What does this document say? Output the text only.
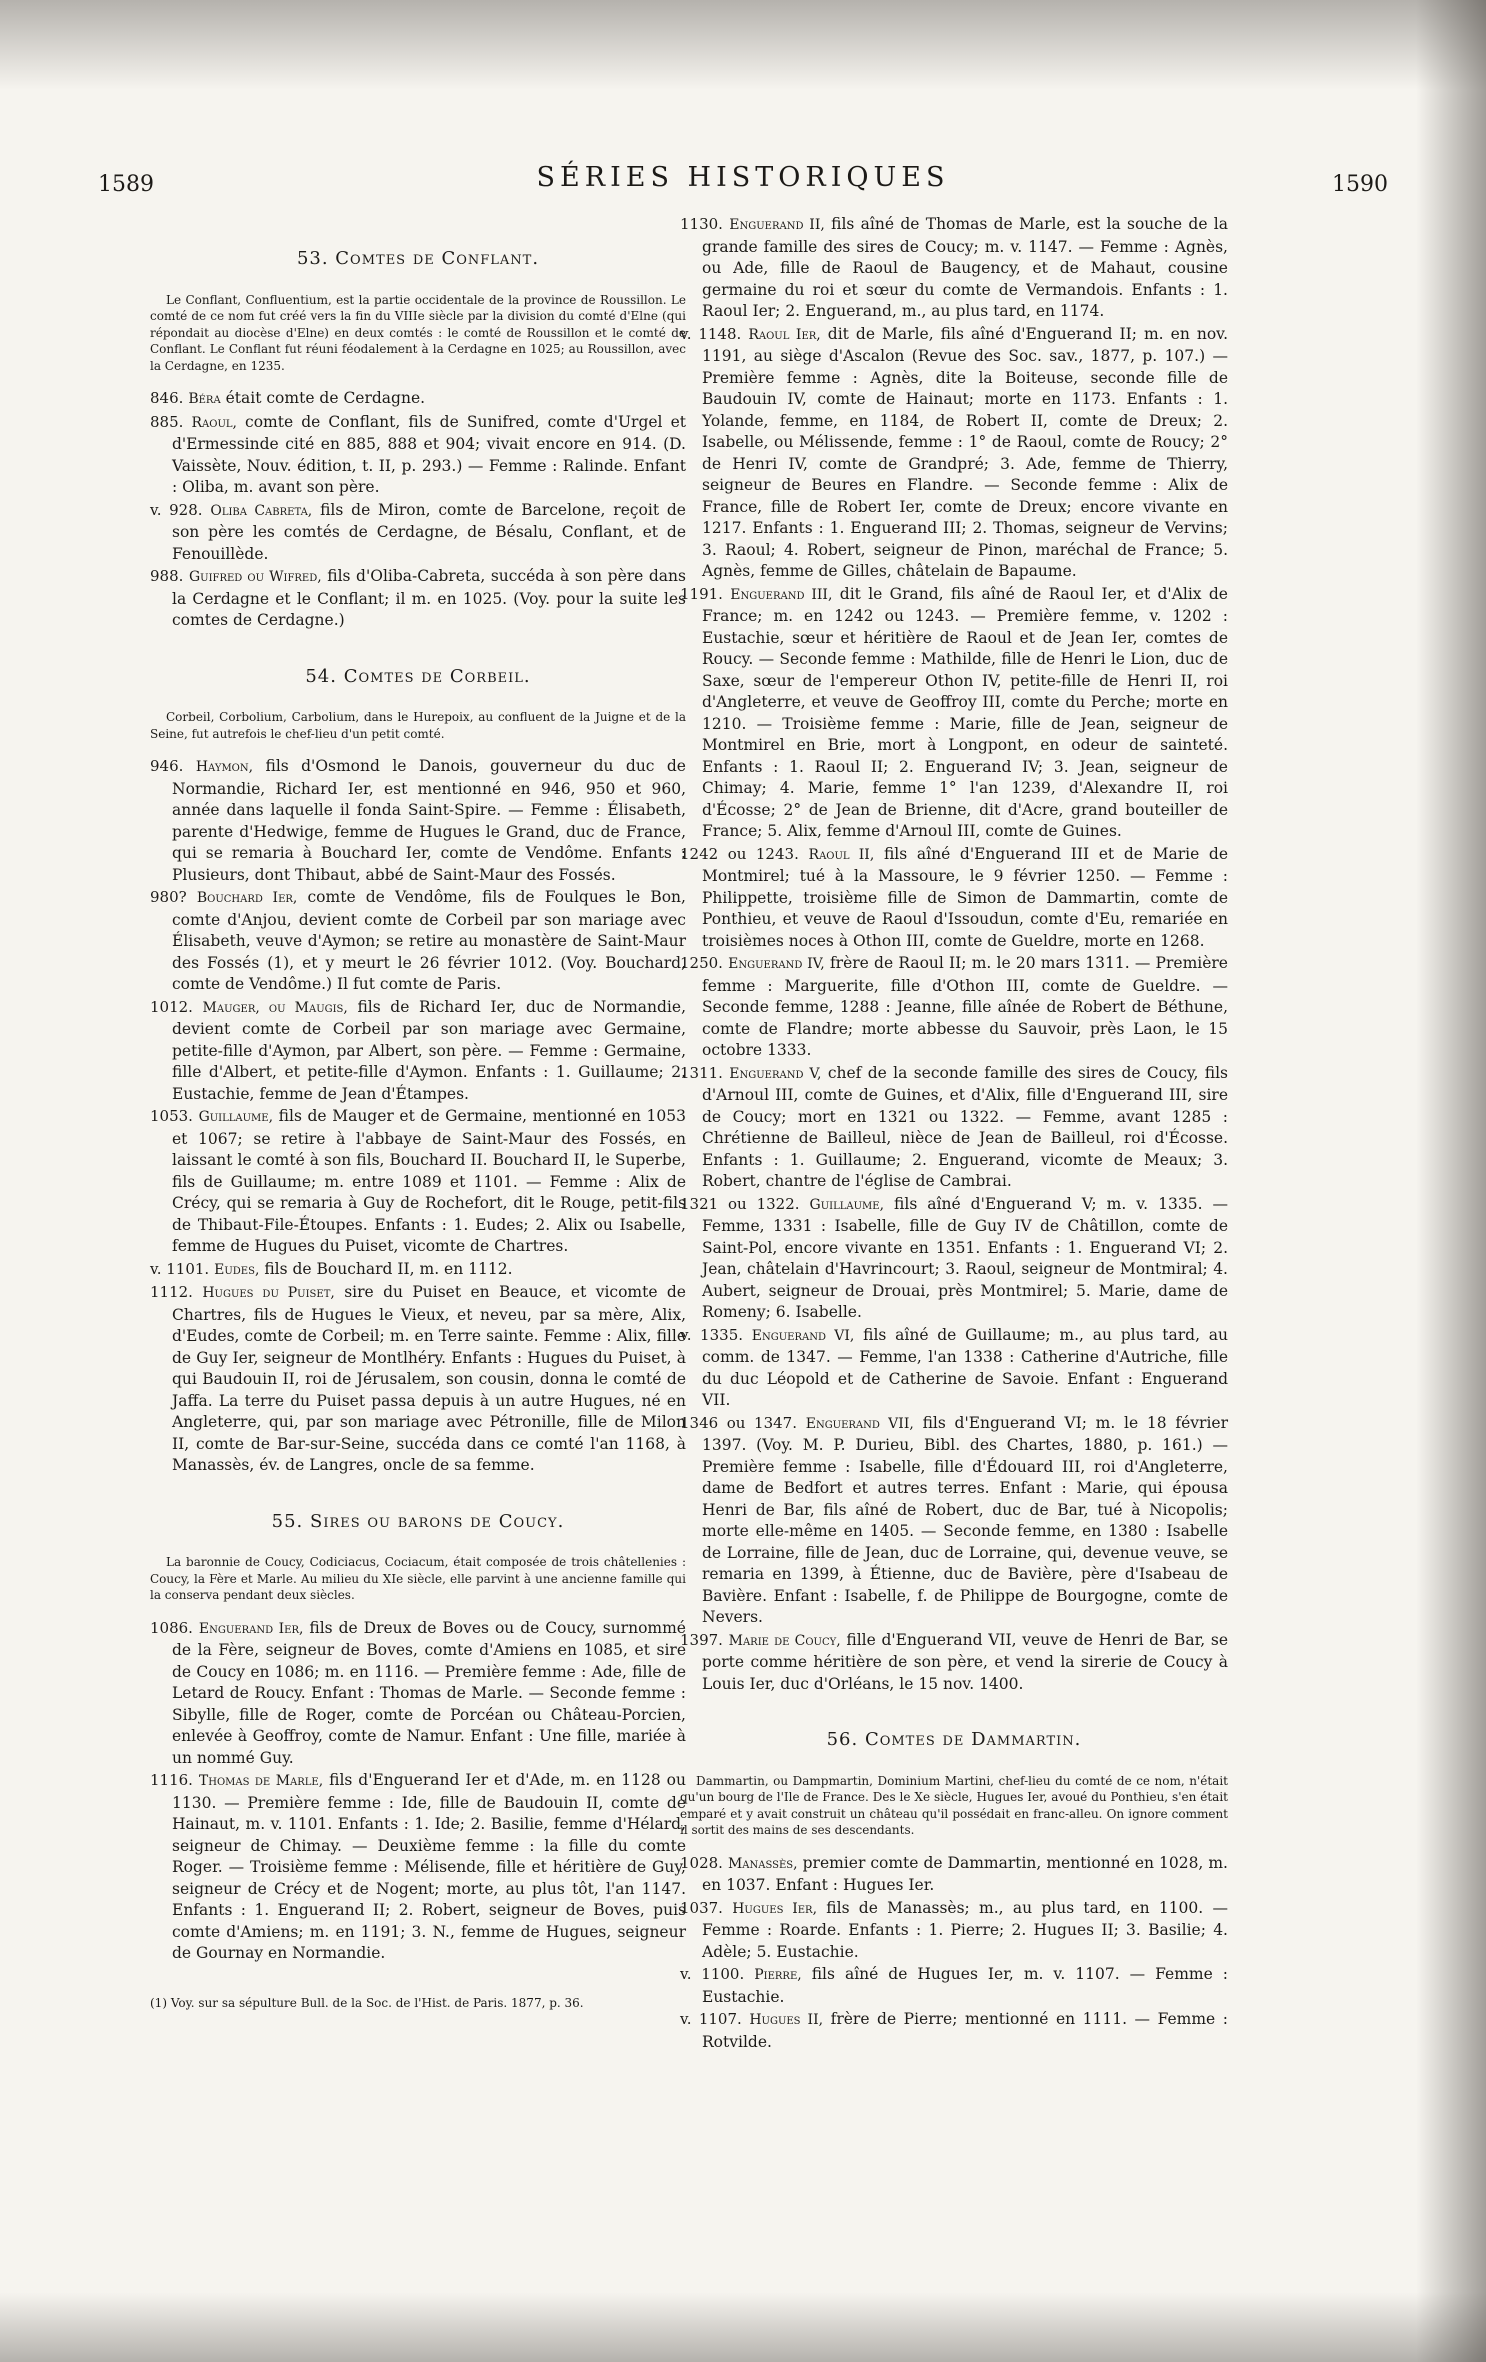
1589	SÉRIES HISTORIQUES	1590
53. Comtes de Conflant.

Le Conflant, Confluentium, est la partie occidentale de la province de Roussillon. Le comté de ce nom fut créé vers la fin du VIIIe siècle par la division du comté d'Elne (qui répondait au diocèse d'Elne) en deux comtés : le comté de Roussillon et le comté de Conflant. Le Conflant fut réuni féodalement à la Cerdagne en 1025; au Roussillon, avec la Cerdagne, en 1235.

846. Béra était comte de Cerdagne.

885. Raoul, comte de Conflant, fils de Sunifred, comte d'Urgel et d'Ermessinde cité en 885, 888 et 904; vivait encore en 914. (D. Vaissète, Nouv. édition, t. II, p. 293.) — Femme : Ralinde. Enfant : Oliba, m. avant son père.

v. 928. Oliba Cabreta, fils de Miron, comte de Barcelone, reçoit de son père les comtés de Cerdagne, de Bésalu, Conflant, et de Fenouillède.

988. Guifred ou Wifred, fils d'Oliba-Cabreta, succéda à son père dans la Cerdagne et le Conflant; il m. en 1025. (Voy. pour la suite les comtes de Cerdagne.)

54. Comtes de Corbeil.

Corbeil, Corbolium, Carbolium, dans le Hurepoix, au confluent de la Juigne et de la Seine, fut autrefois le chef-lieu d'un petit comté.

946. Haymon, fils d'Osmond le Danois, gouverneur du duc de Normandie, Richard Ier, est mentionné en 946, 950 et 960, année dans laquelle il fonda Saint-Spire. — Femme : Élisabeth, parente d'Hedwige, femme de Hugues le Grand, duc de France, qui se remaria à Bouchard Ier, comte de Vendôme. Enfants : Plusieurs, dont Thibaut, abbé de Saint-Maur des Fossés.

980? Bouchard Ier, comte de Vendôme, fils de Foulques le Bon, comte d'Anjou, devient comte de Corbeil par son mariage avec Élisabeth, veuve d'Aymon; se retire au monastère de Saint-Maur des Fossés (1), et y meurt le 26 février 1012. (Voy. Bouchard, comte de Vendôme.) Il fut comte de Paris.

1012. Mauger, ou Maugis, fils de Richard Ier, duc de Normandie, devient comte de Corbeil par son mariage avec Germaine, petite-fille d'Aymon, par Albert, son père. — Femme : Germaine, fille d'Albert, et petite-fille d'Aymon. Enfants : 1. Guillaume; 2. Eustachie, femme de Jean d'Étampes.

1053. Guillaume, fils de Mauger et de Germaine, mentionné en 1053 et 1067; se retire à l'abbaye de Saint-Maur des Fossés, en laissant le comté à son fils, Bouchard II. Bouchard II, le Superbe, fils de Guillaume; m. entre 1089 et 1101. — Femme : Alix de Crécy, qui se remaria à Guy de Rochefort, dit le Rouge, petit-fils de Thibaut-File-Étoupes. Enfants : 1. Eudes; 2. Alix ou Isabelle, femme de Hugues du Puiset, vicomte de Chartres.

v. 1101. Eudes, fils de Bouchard II, m. en 1112.

1112. Hugues du Puiset, sire du Puiset en Beauce, et vicomte de Chartres, fils de Hugues le Vieux, et neveu, par sa mère, Alix, d'Eudes, comte de Corbeil; m. en Terre sainte. Femme : Alix, fille de Guy Ier, seigneur de Montlhéry. Enfants : Hugues du Puiset, à qui Baudouin II, roi de Jérusalem, son cousin, donna le comté de Jaffa. La terre du Puiset passa depuis à un autre Hugues, né en Angleterre, qui, par son mariage avec Pétronille, fille de Milon II, comte de Bar-sur-Seine, succéda dans ce comté l'an 1168, à Manassès, év. de Langres, oncle de sa femme.

55. Sires ou barons de Coucy.

La baronnie de Coucy, Codiciacus, Cociacum, était composée de trois châtellenies : Coucy, la Fère et Marle. Au milieu du XIe siècle, elle parvint à une ancienne famille qui la conserva pendant deux siècles.

1086. Enguerand Ier, fils de Dreux de Boves ou de Coucy, surnommé de la Fère, seigneur de Boves, comte d'Amiens en 1085, et sire de Coucy en 1086; m. en 1116. — Première femme : Ade, fille de Letard de Roucy. Enfant : Thomas de Marle. — Seconde femme : Sibylle, fille de Roger, comte de Porcéan ou Château-Porcien, enlevée à Geoffroy, comte de Namur. Enfant : Une fille, mariée à un nommé Guy.

1116. Thomas de Marle, fils d'Enguerand Ier et d'Ade, m. en 1128 ou 1130. — Première femme : Ide, fille de Baudouin II, comte de Hainaut, m. v. 1101. Enfants : 1. Ide; 2. Basilie, femme d'Hélard, seigneur de Chimay. — Deuxième femme : la fille du comte Roger. — Troisième femme : Mélisende, fille et héritière de Guy, seigneur de Crécy et de Nogent; morte, au plus tôt, l'an 1147. Enfants : 1. Enguerand II; 2. Robert, seigneur de Boves, puis comte d'Amiens; m. en 1191; 3. N., femme de Hugues, seigneur de Gournay en Normandie.

(1) Voy. sur sa sépulture Bull. de la Soc. de l'Hist. de Paris. 1877, p. 36.

1130. Enguerand II, fils aîné de Thomas de Marle, est la souche de la grande famille des sires de Coucy; m. v. 1147. — Femme : Agnès, ou Ade, fille de Raoul de Baugency, et de Mahaut, cousine germaine du roi et sœur du comte de Vermandois. Enfants : 1. Raoul Ier; 2. Enguerand, m., au plus tard, en 1174.

v. 1148. Raoul Ier, dit de Marle, fils aîné d'Enguerand II; m. en nov. 1191, au siège d'Ascalon (Revue des Soc. sav., 1877, p. 107.) — Première femme : Agnès, dite la Boiteuse, seconde fille de Baudouin IV, comte de Hainaut; morte en 1173. Enfants : 1. Yolande, femme, en 1184, de Robert II, comte de Dreux; 2. Isabelle, ou Mélissende, femme : 1° de Raoul, comte de Roucy; 2° de Henri IV, comte de Grandpré; 3. Ade, femme de Thierry, seigneur de Beures en Flandre. — Seconde femme : Alix de France, fille de Robert Ier, comte de Dreux; encore vivante en 1217. Enfants : 1. Enguerand III; 2. Thomas, seigneur de Vervins; 3. Raoul; 4. Robert, seigneur de Pinon, maréchal de France; 5. Agnès, femme de Gilles, châtelain de Bapaume.

1191. Enguerand III, dit le Grand, fils aîné de Raoul Ier, et d'Alix de France; m. en 1242 ou 1243. — Première femme, v. 1202 : Eustachie, sœur et héritière de Raoul et de Jean Ier, comtes de Roucy. — Seconde femme : Mathilde, fille de Henri le Lion, duc de Saxe, sœur de l'empereur Othon IV, petite-fille de Henri II, roi d'Angleterre, et veuve de Geoffroy III, comte du Perche; morte en 1210. — Troisième femme : Marie, fille de Jean, seigneur de Montmirel en Brie, mort à Longpont, en odeur de sainteté. Enfants : 1. Raoul II; 2. Enguerand IV; 3. Jean, seigneur de Chimay; 4. Marie, femme 1° l'an 1239, d'Alexandre II, roi d'Écosse; 2° de Jean de Brienne, dit d'Acre, grand bouteiller de France; 5. Alix, femme d'Arnoul III, comte de Guines.

1242 ou 1243. Raoul II, fils aîné d'Enguerand III et de Marie de Montmirel; tué à la Massoure, le 9 février 1250. — Femme : Philippette, troisième fille de Simon de Dammartin, comte de Ponthieu, et veuve de Raoul d'Issoudun, comte d'Eu, remariée en troisièmes noces à Othon III, comte de Gueldre, morte en 1268.

1250. Enguerand IV, frère de Raoul II; m. le 20 mars 1311. — Première femme : Marguerite, fille d'Othon III, comte de Gueldre. — Seconde femme, 1288 : Jeanne, fille aînée de Robert de Béthune, comte de Flandre; morte abbesse du Sauvoir, près Laon, le 15 octobre 1333.

1311. Enguerand V, chef de la seconde famille des sires de Coucy, fils d'Arnoul III, comte de Guines, et d'Alix, fille d'Enguerand III, sire de Coucy; mort en 1321 ou 1322. — Femme, avant 1285 : Chrétienne de Bailleul, nièce de Jean de Bailleul, roi d'Écosse. Enfants : 1. Guillaume; 2. Enguerand, vicomte de Meaux; 3. Robert, chantre de l'église de Cambrai.

1321 ou 1322. Guillaume, fils aîné d'Enguerand V; m. v. 1335. — Femme, 1331 : Isabelle, fille de Guy IV de Châtillon, comte de Saint-Pol, encore vivante en 1351. Enfants : 1. Enguerand VI; 2. Jean, châtelain d'Havrincourt; 3. Raoul, seigneur de Montmiral; 4. Aubert, seigneur de Drouai, près Montmirel; 5. Marie, dame de Romeny; 6. Isabelle.

v. 1335. Enguerand VI, fils aîné de Guillaume; m., au plus tard, au comm. de 1347. — Femme, l'an 1338 : Catherine d'Autriche, fille du duc Léopold et de Catherine de Savoie. Enfant : Enguerand VII.

1346 ou 1347. Enguerand VII, fils d'Enguerand VI; m. le 18 février 1397. (Voy. M. P. Durieu, Bibl. des Chartes, 1880, p. 161.) — Première femme : Isabelle, fille d'Édouard III, roi d'Angleterre, dame de Bedfort et autres terres. Enfant : Marie, qui épousa Henri de Bar, fils aîné de Robert, duc de Bar, tué à Nicopolis; morte elle-même en 1405. — Seconde femme, en 1380 : Isabelle de Lorraine, fille de Jean, duc de Lorraine, qui, devenue veuve, se remaria en 1399, à Étienne, duc de Bavière, père d'Isabeau de Bavière. Enfant : Isabelle, f. de Philippe de Bourgogne, comte de Nevers.

1397. Marie de Coucy, fille d'Enguerand VII, veuve de Henri de Bar, se porte comme héritière de son père, et vend la sirerie de Coucy à Louis Ier, duc d'Orléans, le 15 nov. 1400.

56. Comtes de Dammartin.

Dammartin, ou Dampmartin, Dominium Martini, chef-lieu du comté de ce nom, n'était qu'un bourg de l'Ile de France. Des le Xe siècle, Hugues Ier, avoué du Ponthieu, s'en était emparé et y avait construit un château qu'il possédait en franc-alleu. On ignore comment il sortit des mains de ses descendants.

1028. Manassès, premier comte de Dammartin, mentionné en 1028, m. en 1037. Enfant : Hugues Ier.

1037. Hugues Ier, fils de Manassès; m., au plus tard, en 1100. — Femme : Roarde. Enfants : 1. Pierre; 2. Hugues II; 3. Basilie; 4. Adèle; 5. Eustachie.

v. 1100. Pierre, fils aîné de Hugues Ier, m. v. 1107. — Femme : Eustachie.

v. 1107. Hugues II, frère de Pierre; mentionné en 1111. — Femme : Rotvilde.
